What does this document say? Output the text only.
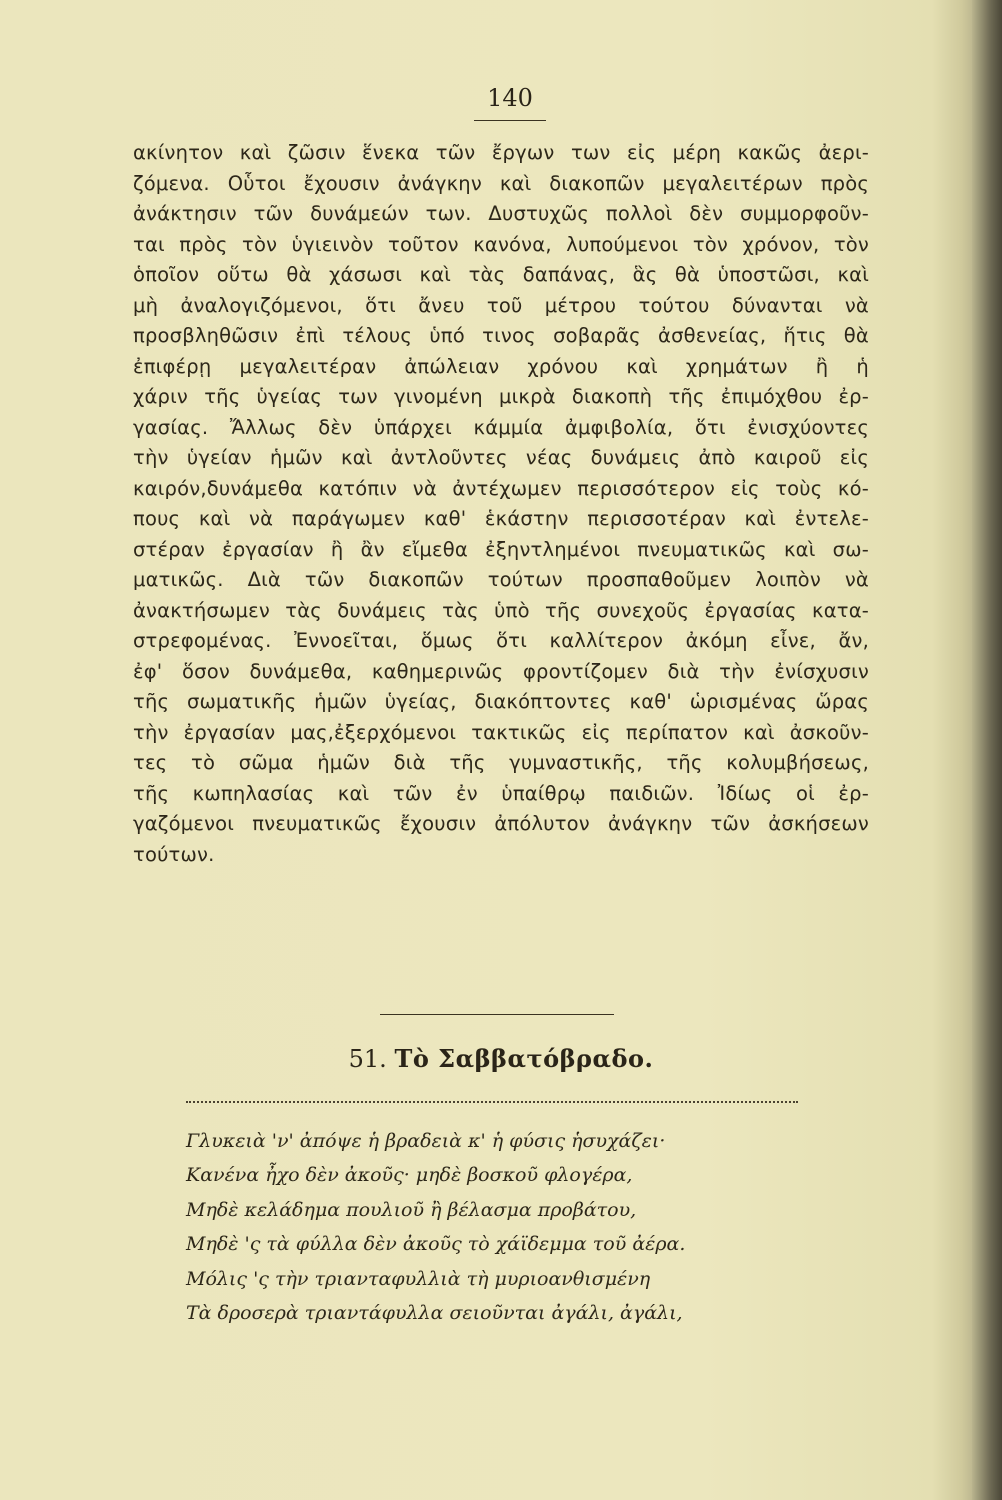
140
ακίνητον καὶ ζῶσιν ἕνεκα τῶν ἔργων των εἰς μέρη κακῶς ἀερι-
ζόμενα. Οὗτοι ἔχουσιν ἀνάγκην καὶ διακοπῶν μεγαλειτέρων πρὸς
ἀνάκτησιν τῶν δυνάμεών των. Δυστυχῶς πολλοὶ δὲν συμμορφοῦν-
ται πρὸς τὸν ὑγιεινὸν τοῦτον κανόνα, λυπούμενοι τὸν χρόνον, τὸν
ὁποῖον οὕτω θὰ χάσωσι καὶ τὰς δαπάνας, ἃς θὰ ὑποστῶσι, καὶ
μὴ ἀναλογιζόμενοι, ὅτι ἄνευ τοῦ μέτρου τούτου δύνανται νὰ
προσβληθῶσιν ἐπὶ τέλους ὑπό τινος σοβαρᾶς ἀσθενείας, ἥτις θὰ
ἐπιφέρῃ μεγαλειτέραν ἀπώλειαν χρόνου καὶ χρημάτων ἢ ἡ
χάριν τῆς ὑγείας των γινομένη μικρὰ διακοπὴ τῆς ἐπιμόχθου ἐρ-
γασίας. Ἄλλως δὲν ὑπάρχει κάμμία ἀμφιβολία, ὅτι ἐνισχύοντες
τὴν ὑγείαν ἡμῶν καὶ ἀντλοῦντες νέας δυνάμεις ἀπὸ καιροῦ εἰς
καιρόν,δυνάμεθα κατόπιν νὰ ἀντέχωμεν περισσότερον εἰς τοὺς κό-
πους καὶ νὰ παράγωμεν καθ' ἑκάστην περισσοτέραν καὶ ἐντελε-
στέραν ἐργασίαν ἢ ἂν εἴμεθα ἐξηντλημένοι πνευματικῶς καὶ σω-
ματικῶς. Διὰ τῶν διακοπῶν τούτων προσπαθοῦμεν λοιπὸν νὰ
ἀνακτήσωμεν τὰς δυνάμεις τὰς ὑπὸ τῆς συνεχοῦς ἐργασίας κατα-
στρεφομένας. Ἐννοεῖται, ὅμως ὅτι καλλίτερον ἀκόμη εἶνε, ἄν,
ἐφ' ὅσον δυνάμεθα, καθημερινῶς φροντίζομεν διὰ τὴν ἐνίσχυσιν
τῆς σωματικῆς ἡμῶν ὑγείας, διακόπτοντες καθ' ὡρισμένας ὥρας
τὴν ἐργασίαν μας,ἐξερχόμενοι τακτικῶς εἰς περίπατον καὶ ἀσκοῦν-
τες τὸ σῶμα ἡμῶν διὰ τῆς γυμναστικῆς, τῆς κολυμβήσεως,
τῆς κωπηλασίας καὶ τῶν ἐν ὑπαίθρῳ παιδιῶν. Ἰδίως οἱ ἐρ-
γαζόμενοι πνευματικῶς ἔχουσιν ἀπόλυτον ἀνάγκην τῶν ἀσκήσεων
τούτων.
51. Τὸ Σαββατόβραδο.
Γλυκειὰ 'ν' ἀπόψε ἡ βραδειὰ κ' ἡ φύσις ἡσυχάζει·
Κανένα ἦχο δὲν ἀκοῦς· μηδὲ βοσκοῦ φλογέρα,
Μηδὲ κελάδημα πουλιοῦ ἢ βέλασμα προβάτου,
Μηδὲ 'ς τὰ φύλλα δὲν ἀκοῦς τὸ χάϊδεμμα τοῦ ἀέρα.
Μόλις 'ς τὴν τριανταφυλλιὰ τὴ μυριοανθισμένη
Τὰ δροσερὰ τριαντάφυλλα σειοῦνται ἀγάλι, ἀγάλι,
